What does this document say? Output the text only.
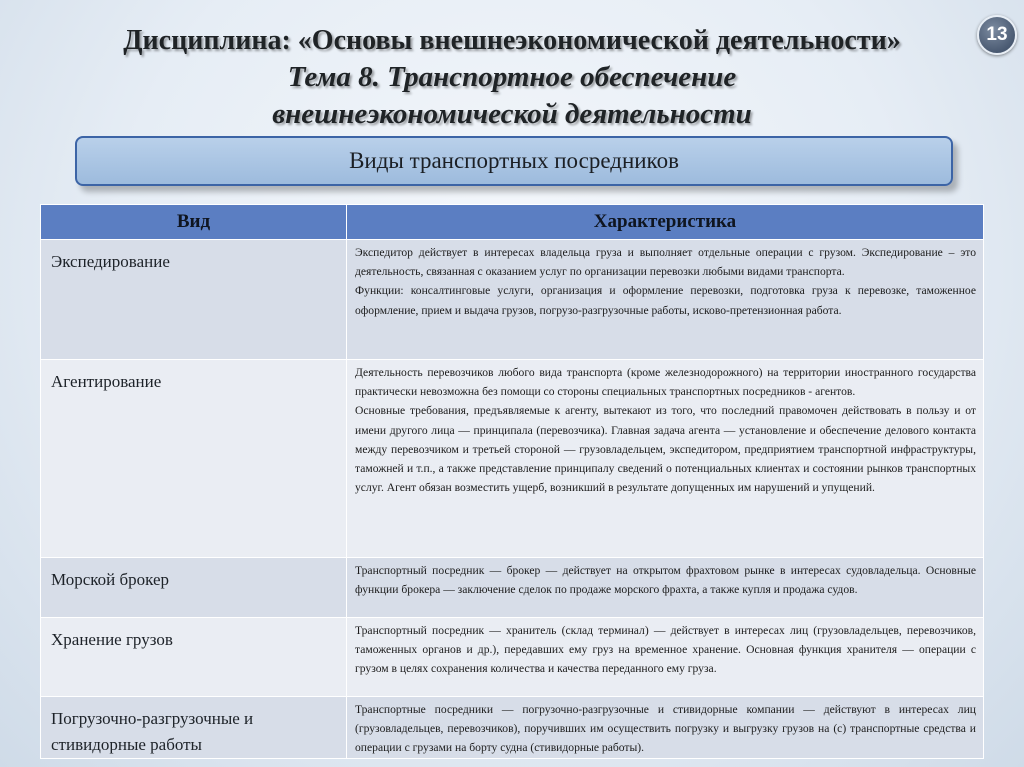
Дисциплина: «Основы внешнеэкономической деятельности»
Тема 8. Транспортное обеспечение
внешнеэкономической деятельности
13
Виды транспортных посредников
Вид	Характеристика

Экспедирование	Экспедитор действует в интересах владельца груза и выполняет отдельные операции с грузом. Экспедирование – это деятельность, связанная с оказанием услуг по организации перевозки любыми видами транспорта.

Функции: консалтинговые услуги, организация и оформление перевозки, подготовка груза к перевозке, таможенное оформление, прием и выдача грузов, погрузо-разгрузочные работы, исково-претензионная работа.

Агентирование	Деятельность перевозчиков любого вида транспорта (кроме железнодорожного) на территории иностранного государства практически невозможна без помощи со стороны специальных транспортных посредников - агентов.

Основные требования, предъявляемые к агенту, вытекают из того, что последний правомочен действовать в пользу и от имени другого лица — принципала (перевозчика). Главная задача агента — установление и обеспечение делового контакта между перевозчиком и третьей стороной — грузовладельцем, экспедитором, предприятием транспортной инфраструктуры, таможней и т.п., а также представление принципалу сведений о потенциальных клиентах и состоянии рынков транспортных услуг. Агент обязан возместить ущерб, возникший в результате допущенных им нарушений и упущений.

Морской брокер	Транспортный посредник — брокер — действует на открытом фрахтовом рынке в интересах судовладельца. Основные функции брокера — заключение сделок по продаже морского фрахта, а также купля и продажа судов.

Хранение грузов	Транспортный посредник — хранитель (склад терминал) — действует в интересах лиц (грузовладельцев, перевозчиков, таможенных органов и др.), передавших ему груз на временное хранение. Основная функция хранителя — операции с грузом в целях сохранения количества и качества переданного ему груза.

Погрузочно-разгрузочные и стивидорные работы	Транспортные посредники — погрузочно-разгрузочные и стивидорные компании — действуют в интересах лиц (грузовладельцев, перевозчиков), поручивших им осуществить погрузку и выгрузку грузов на (с) транспортные средства и операции с грузами на борту судна (стивидорные работы).
